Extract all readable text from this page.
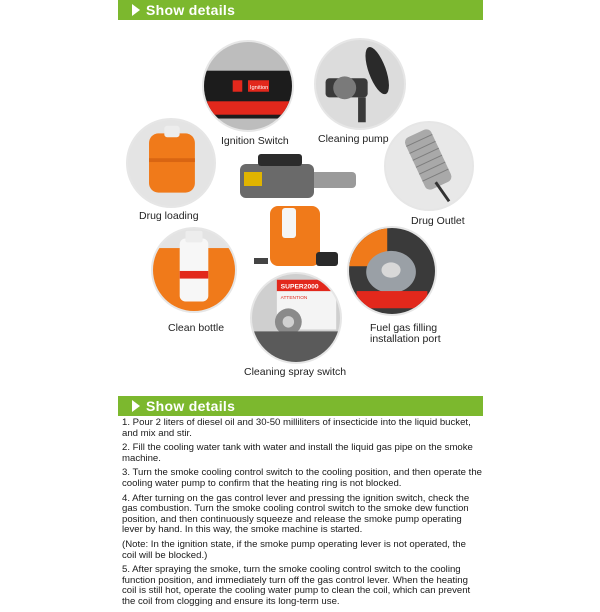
Show details
Ignition
Ignition Switch	Cleaning pump
Drug loading	Drug Outlet
Clean bottle	Fuel gas filling
installation port
SUPER2000
ATTENTION
Cleaning spray switch
Show details

1. Pour 2 liters of diesel oil and 30-50 milliliters of insecticide into the liquid bucket, and mix and stir.

2. Fill the cooling water tank with water and install the liquid gas pipe on the smoke machine.

3. Turn the smoke cooling control switch to the cooling position, and then operate the cooling water pump to confirm that the heating ring is not blocked.

4. After turning on the gas control lever and pressing the ignition switch, check the gas combustion. Turn the smoke cooling control switch to the smoke dew function position, and then continuously squeeze and release the smoke pump operating lever by hand. In this way, the smoke machine is started.

(Note: In the ignition state, if the smoke pump operating lever is not operated, the coil will be blocked.)

5. After spraying the smoke, turn the smoke cooling control switch to the cooling function position, and immediately turn off the gas control lever. When the heating coil is still hot, operate the cooling water pump to clean the coil, which can prevent the coil from clogging and ensure its long-term use.
